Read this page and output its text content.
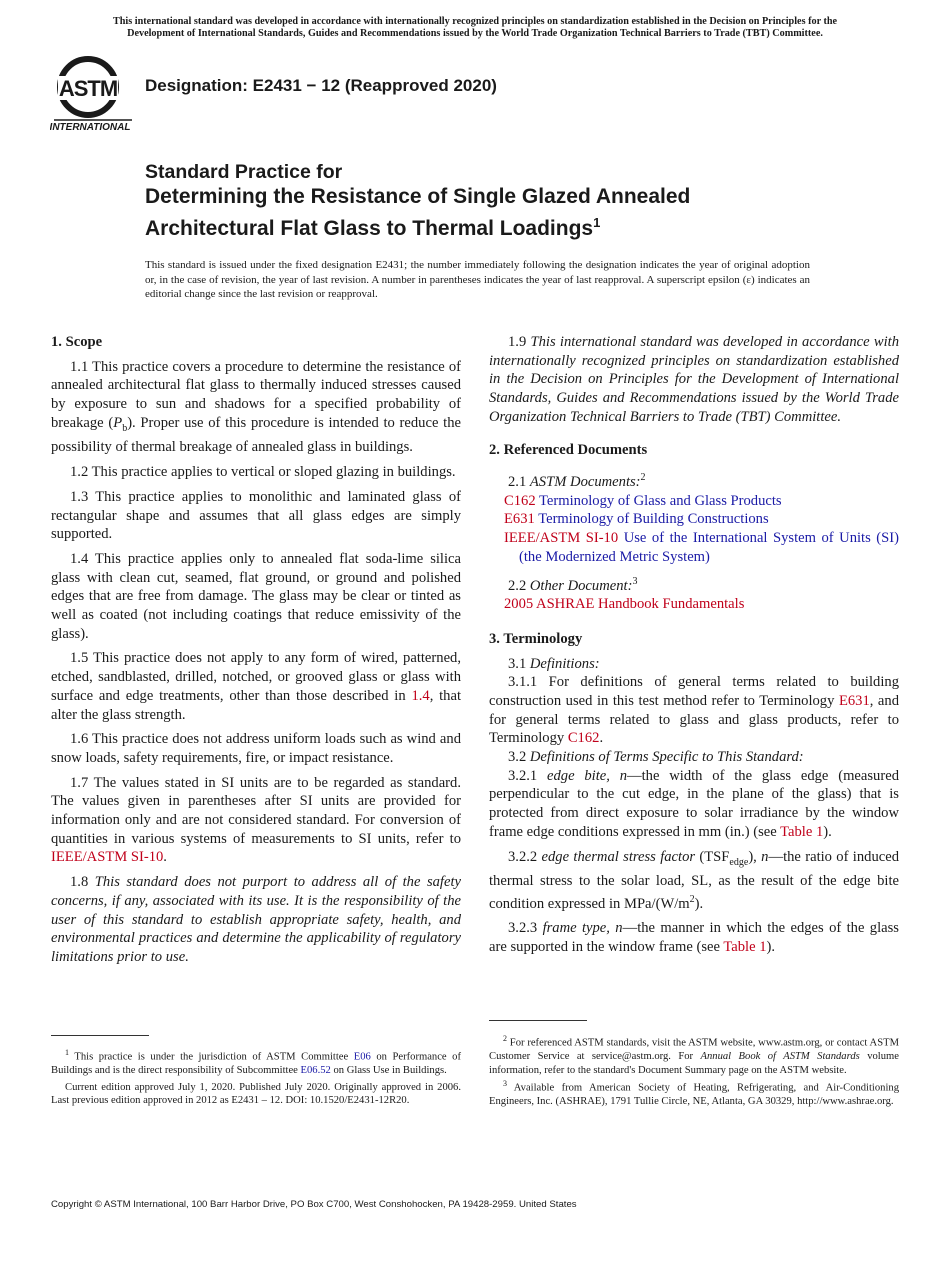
This international standard was developed in accordance with internationally recognized principles on standardization established in the Decision on Principles for the
Development of International Standards, Guides and Recommendations issued by the World Trade Organization Technical Barriers to Trade (TBT) Committee.
ASTM
INTERNATIONAL
Designation: E2431 − 12 (Reapproved 2020)
Standard Practice for
Determining the Resistance of Single Glazed Annealed
Architectural Flat Glass to Thermal Loadings$^1$
This standard is issued under the fixed designation E2431; the number immediately following the designation indicates the year of original adoption or, in the case of revision, the year of last revision. A number in parentheses indicates the year of last reapproval. A superscript epsilon (ε) indicates an editorial change since the last revision or reapproval.

1. Scope

1.1 This practice covers a procedure to determine the resistance of annealed architectural flat glass to thermally induced stresses caused by exposure to sun and shadows for a specified probability of breakage $(P_b)$. Proper use of this procedure is intended to reduce the possibility of thermal breakage of annealed glass in buildings.

1.2 This practice applies to vertical or sloped glazing in buildings.

1.3 This practice applies to monolithic and laminated glass of rectangular shape and assumes that all glass edges are simply supported.

1.4 This practice applies only to annealed flat soda-lime silica glass with clean cut, seamed, flat ground, or ground and polished edges that are free from damage. The glass may be clear or tinted as well as coated (not including coatings that reduce emissivity of the glass).

1.5 This practice does not apply to any form of wired, patterned, etched, sandblasted, drilled, notched, or grooved glass or glass with surface and edge treatments, other than those described in 1.4, that alter the glass strength.

1.6 This practice does not address uniform loads such as wind and snow loads, safety requirements, fire, or impact resistance.

1.7 The values stated in SI units are to be regarded as standard. The values given in parentheses after SI units are provided for information only and are not considered standard. For conversion of quantities in various systems of measurements to SI units, refer to IEEE/ASTM SI-10.

1.8 This standard does not purport to address all of the safety concerns, if any, associated with its use. It is the responsibility of the user of this standard to establish appropriate safety, health, and environmental practices and determine the applicability of regulatory limitations prior to use.

1.9 This international standard was developed in accordance with internationally recognized principles on standardization established in the Decision on Principles for the Development of International Standards, Guides and Recommendations issued by the World Trade Organization Technical Barriers to Trade (TBT) Committee.

2. Referenced Documents

2.1 ASTM Documents:$^2$

C162 Terminology of Glass and Glass Products

E631 Terminology of Building Constructions

IEEE/ASTM SI-10 Use of the International System of Units (SI) (the Modernized Metric System)

2.2 Other Document:$^3$

2005 ASHRAE Handbook Fundamentals

3. Terminology

3.1 Definitions:

3.1.1 For definitions of general terms related to building construction used in this test method refer to Terminology E631, and for general terms related to glass and glass products, refer to Terminology C162.

3.2 Definitions of Terms Specific to This Standard:

3.2.1 edge bite, n—the width of the glass edge (measured perpendicular to the cut edge, in the plane of the glass) that is protected from direct exposure to solar irradiance by the window frame edge conditions expressed in mm (in.) (see Table 1).

3.2.2 edge thermal stress factor $(TSF_{edge})$, n—the ratio of induced thermal stress to the solar load, SL, as the result of the edge bite condition expressed in MPa/$(W/m^2)$.

3.2.3 frame type, n—the manner in which the edges of the glass are supported in the window frame (see Table 1).

$^1$ This practice is under the jurisdiction of ASTM Committee E06 on Performance of Buildings and is the direct responsibility of Subcommittee E06.52 on Glass Use in Buildings.

Current edition approved July 1, 2020. Published July 2020. Originally approved in 2006. Last previous edition approved in 2012 as E2431 – 12. DOI: 10.1520/E2431-12R20.

$^2$ For referenced ASTM standards, visit the ASTM website, www.astm.org, or contact ASTM Customer Service at service@astm.org. For Annual Book of ASTM Standards volume information, refer to the standard's Document Summary page on the ASTM website.

$^3$ Available from American Society of Heating, Refrigerating, and Air-Conditioning Engineers, Inc. (ASHRAE), 1791 Tullie Circle, NE, Atlanta, GA 30329, http://www.ashrae.org.

Copyright © ASTM International, 100 Barr Harbor Drive, PO Box C700, West Conshohocken, PA 19428-2959. United States
